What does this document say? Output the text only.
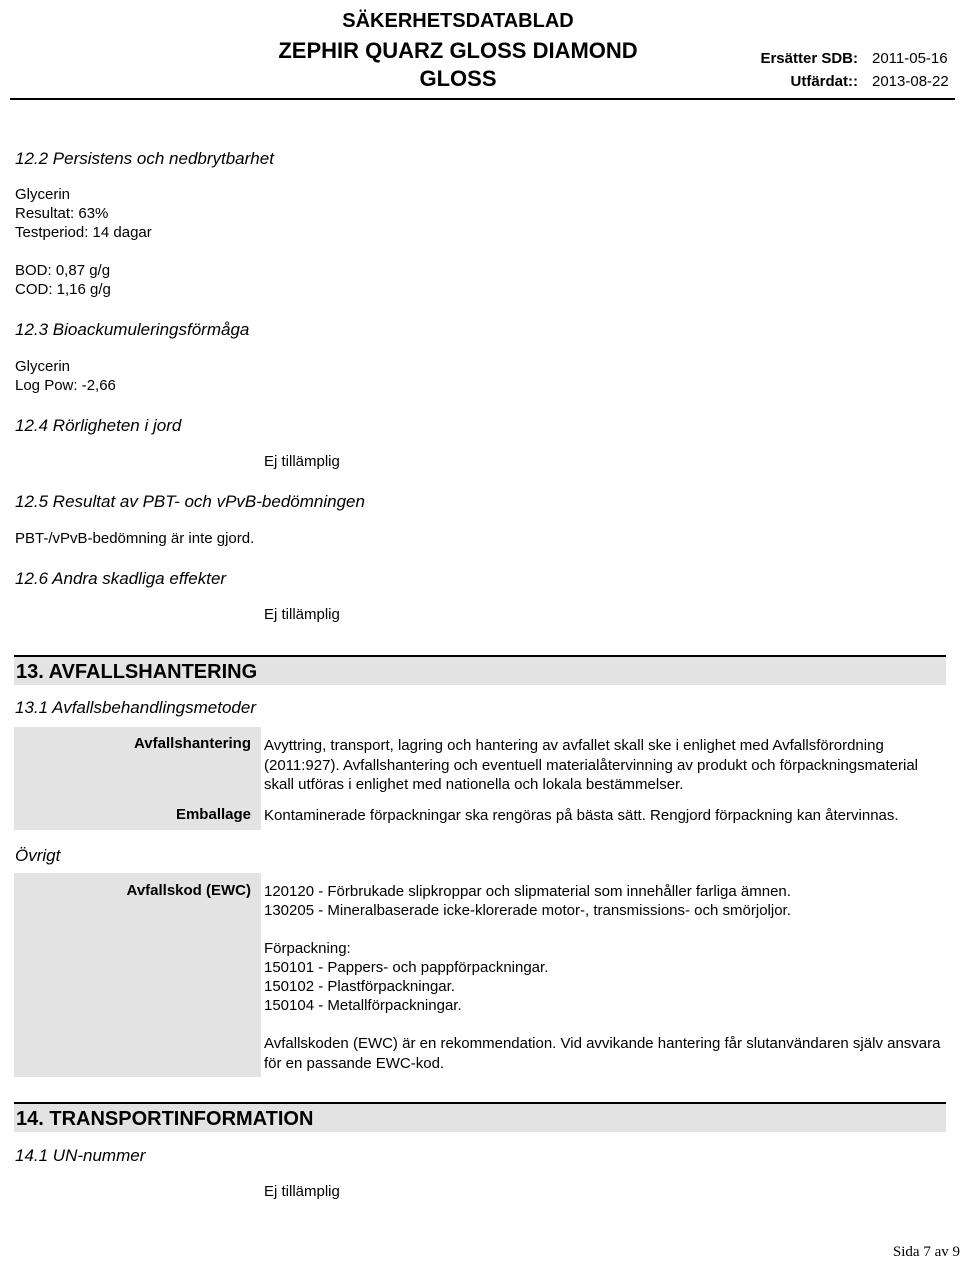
SÄKERHETSDATABLAD
ZEPHIR QUARZ GLOSS DIAMOND
GLOSS
Ersätter SDB: 2011-05-16
Utfärdat:: 2013-08-22
12.2 Persistens och nedbrytbarhet
Glycerin
Resultat: 63%
Testperiod: 14 dagar
BOD: 0,87 g/g
COD: 1,16 g/g
12.3 Bioackumuleringsförmåga
Glycerin
Log Pow: -2,66
12.4 Rörligheten i jord
Ej tillämplig
12.5 Resultat av PBT- och vPvB-bedömningen
PBT-/vPvB-bedömning är inte gjord.
12.6 Andra skadliga effekter
Ej tillämplig
13. AVFALLSHANTERING
13.1 Avfallsbehandlingsmetoder
Avfallshantering Avyttring, transport, lagring och hantering av avfallet skall ske i enlighet med Avfallsförordning (2011:927). Avfallshantering och eventuell materialåtervinning av produkt och förpackningsmaterial skall utföras i enlighet med nationella och lokala bestämmelser.
Emballage Kontaminerade förpackningar ska rengöras på bästa sätt. Rengjord förpackning kan återvinnas.
Övrigt
Avfallskod (EWC) 120120 - Förbrukade slipkroppar och slipmaterial som innehåller farliga ämnen.
130205 - Mineralbaserade icke-klorerade motor-, transmissions- och smörjoljor.
Förpackning:
150101 - Pappers- och pappförpackningar.
150102 - Plastförpackningar.
150104 - Metallförpackningar.
Avfallskoden (EWC) är en rekommendation. Vid avvikande hantering får slutanvändaren själv ansvara för en passande EWC-kod.
14. TRANSPORTINFORMATION
14.1 UN-nummer
Ej tillämplig
Sida 7 av 9
